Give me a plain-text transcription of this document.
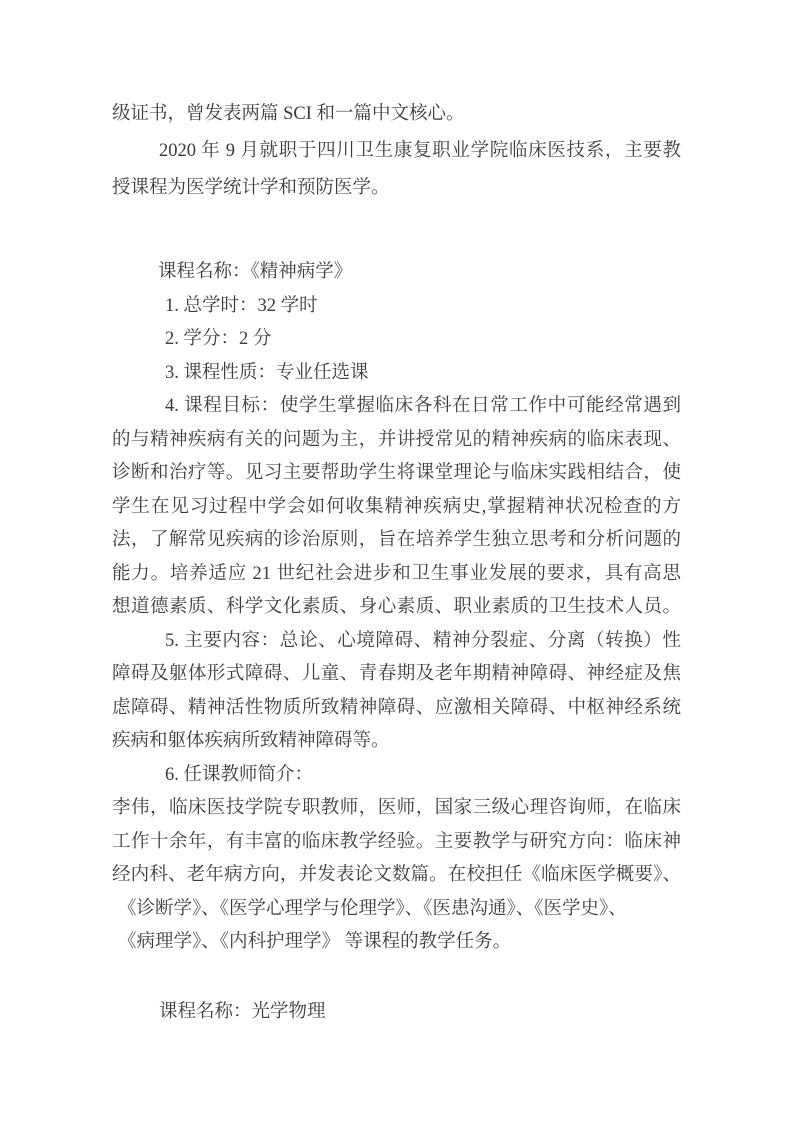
级证书，曾发表两篇 SCI 和一篇中文核心。
2020 年 9 月就职于四川卫生康复职业学院临床医技系，主要教
授课程为医学统计学和预防医学。
课程名称：《精神病学》
1. 总学时：32 学时
2. 学分：2 分
3. 课程性质：专业任选课
4. 课程目标：使学生掌握临床各科在日常工作中可能经常遇到
的与精神疾病有关的问题为主，并讲授常见的精神疾病的临床表现、
诊断和治疗等。见习主要帮助学生将课堂理论与临床实践相结合，使
学生在见习过程中学会如何收集精神疾病史,掌握精神状况检查的方
法，了解常见疾病的诊治原则，旨在培养学生独立思考和分析问题的
能力。培养适应 21 世纪社会进步和卫生事业发展的要求，具有高思
想道德素质、科学文化素质、身心素质、职业素质的卫生技术人员。
5. 主要内容：总论、心境障碍、精神分裂症、分离（转换）性
障碍及躯体形式障碍、儿童、青春期及老年期精神障碍、神经症及焦
虑障碍、精神活性物质所致精神障碍、应激相关障碍、中枢神经系统
疾病和躯体疾病所致精神障碍等。
6. 任课教师简介：
李伟，临床医技学院专职教师，医师，国家三级心理咨询师，在临床
工作十余年，有丰富的临床教学经验。主要教学与研究方向：临床神
经内科、老年病方向，并发表论文数篇。在校担任《临床医学概要》、
《诊断学》、《医学心理学与伦理学》、《医患沟通》、《医学史》、
《病理学》、《内科护理学》 等课程的教学任务。
课程名称：光学物理
